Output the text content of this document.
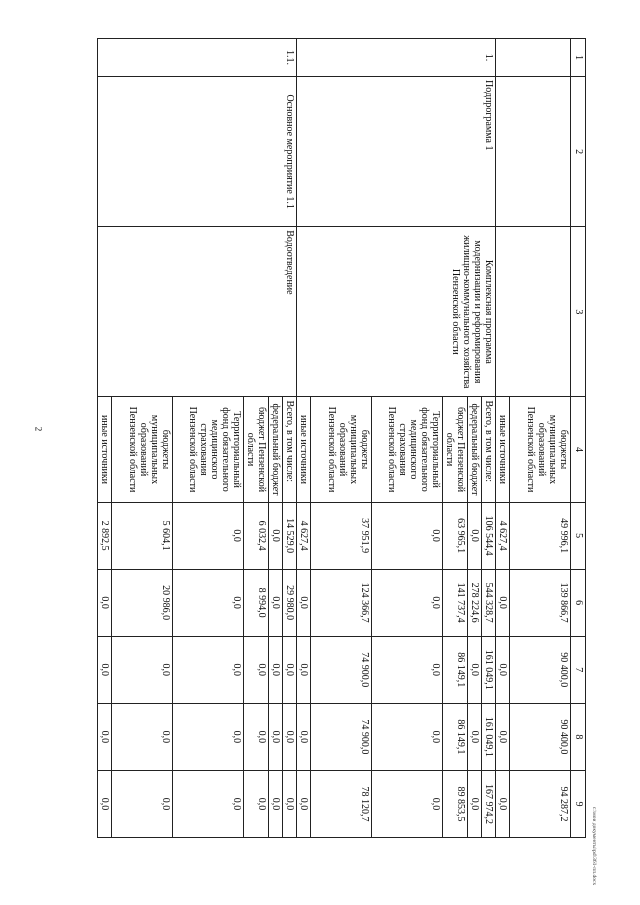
2
c:\мои документы\pd\361-пп.docx
1	2	3	4	5	6	7	8	9
			бюджеты муниципальных образований Пензенской области	49 996,1	139 866,7	90 400,0	90 400,0	94 287,2
			иные источники	4 627,4	0,0	0,0	0,0	0,0
1.	Подпрограмма 1	Комплексная программа модернизации и реформирования жилищно-коммунального хозяйства Пензенской области	Всего, в том числе:	106 544,4	544 328,7	161 049,1	161 049,1	167 974,2
			федеральный бюджет	0,0	278 224,6	0,0	0,0	0,0
			бюджет Пензенской области	63 965,1	141 737,4	86 149,1	86 149,1	89 853,5
			Территориальный фонд обязательного медицинского страхования Пензенской области	0,0	0,0	0,0	0,0	0,0
			бюджеты муниципальных образований Пензенской области	37 951,9	124 366,7	74 900,0	74 900,0	78 120,7
			иные источники	4 627,4	0,0	0,0	0,0	0,0
1.1.	Основное мероприятие 1.1	Водоотведение	Всего, в том числе:	14 529,0	29 980,0	0,0	0,0	0,0
			федеральный бюджет	0,0	0,0	0,0	0,0	0,0
			бюджет Пензенской области	6 032,4	8 994,0	0,0	0,0	0,0
			Территориальный фонд обязательного медицинского страхования Пензенской области	0,0	0,0	0,0	0,0	0,0
			бюджеты муниципальных образований Пензенской области	5 604,1	20 986,0	0,0	0,0	0,0
			иные источники	2 892,5	0,0	0,0	0,0	0,0
